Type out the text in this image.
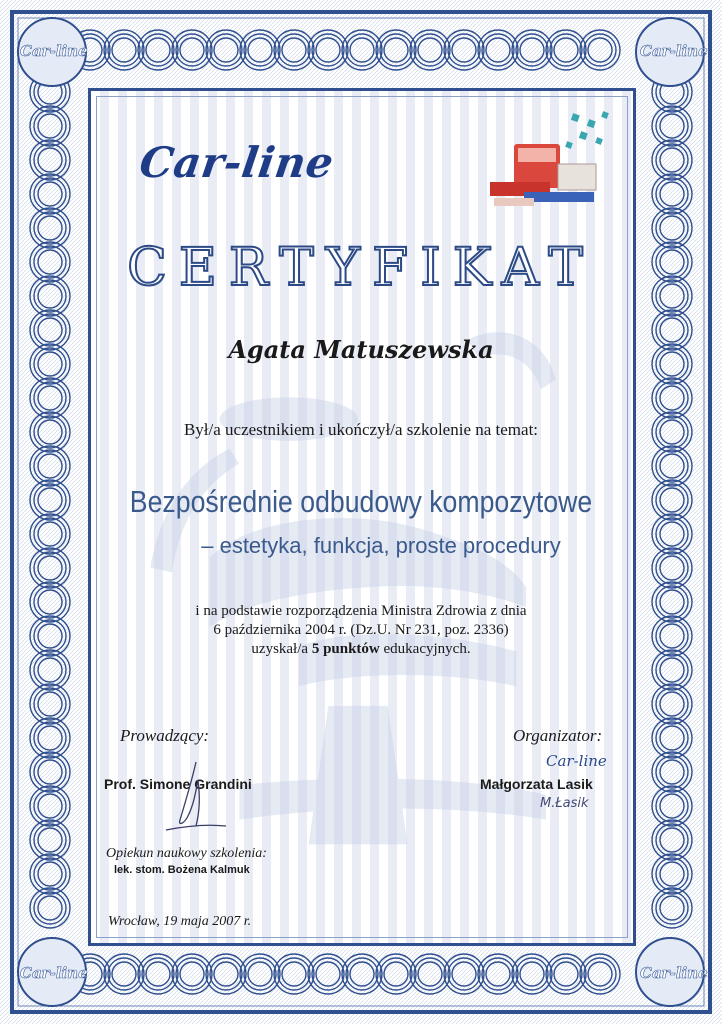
Car-line	Car-line
Car-line	Car-line
Car-line
CERTYFIKAT
Agata Matuszewska
Był/a uczestnikiem i ukończył/a szkolenie na temat:
Bezpośrednie odbudowy kompozytowe
– estetyka, funkcja, proste procedury
i na podstawie rozporządzenia Ministra Zdrowia z dnia
6 października 2004 r. (Dz.U. Nr 231, poz. 2336)
uzyskał/a 5 punktów edukacyjnych.
Prowadzący:
Prof. Simone Grandini
Organizator:
Car-line
Małgorzata Lasik
M.Łasik
Opiekun naukowy szkolenia:
lek. stom. Bożena Kalmuk
Wrocław, 19 maja 2007 r.
